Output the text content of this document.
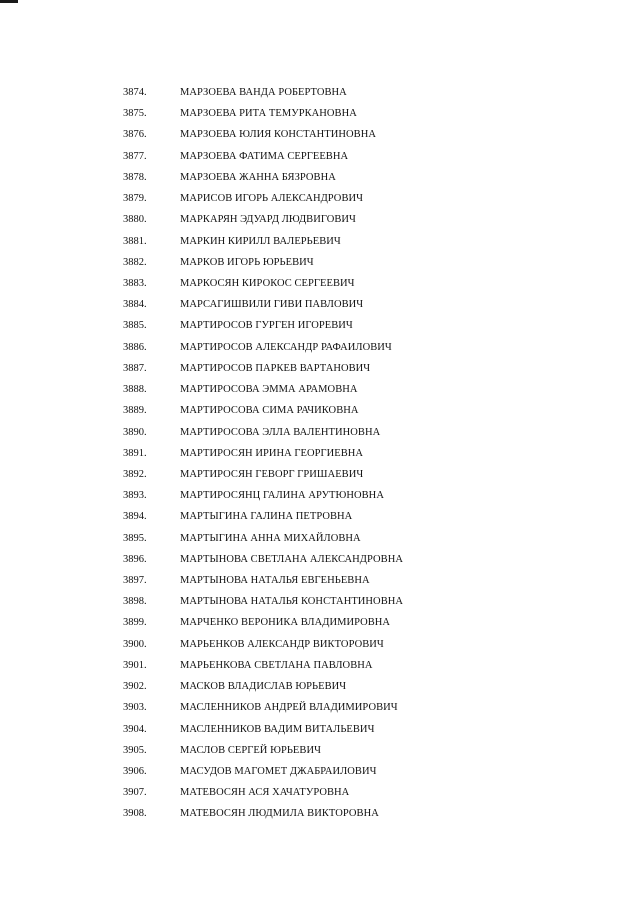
3874.	МАРЗОЕВА ВАНДА РОБЕРТОВНА
3875.	МАРЗОЕВА РИТА ТЕМУРКАНОВНА
3876.	МАРЗОЕВА ЮЛИЯ КОНСТАНТИНОВНА
3877.	МАРЗОЕВА ФАТИМА СЕРГЕЕВНА
3878.	МАРЗОЕВА ЖАННА БЯЗРОВНА
3879.	МАРИСОВ ИГОРЬ АЛЕКСАНДРОВИЧ
3880.	МАРКАРЯН ЭДУАРД ЛЮДВИГОВИЧ
3881.	МАРКИН КИРИЛЛ ВАЛЕРЬЕВИЧ
3882.	МАРКОВ ИГОРЬ ЮРЬЕВИЧ
3883.	МАРКОСЯН КИРОКОС СЕРГЕЕВИЧ
3884.	МАРСАГИШВИЛИ ГИВИ ПАВЛОВИЧ
3885.	МАРТИРОСОВ ГУРГЕН ИГОРЕВИЧ
3886.	МАРТИРОСОВ АЛЕКСАНДР РАФАИЛОВИЧ
3887.	МАРТИРОСОВ ПАРКЕВ ВАРТАНОВИЧ
3888.	МАРТИРОСОВА ЭММА АРАМОВНА
3889.	МАРТИРОСОВА СИМА РАЧИКОВНА
3890.	МАРТИРОСОВА ЭЛЛА ВАЛЕНТИНОВНА
3891.	МАРТИРОСЯН ИРИНА ГЕОРГИЕВНА
3892.	МАРТИРОСЯН ГЕВОРГ ГРИШАЕВИЧ
3893.	МАРТИРОСЯНЦ ГАЛИНА АРУТЮНОВНА
3894.	МАРТЫГИНА ГАЛИНА ПЕТРОВНА
3895.	МАРТЫГИНА АННА МИХАЙЛОВНА
3896.	МАРТЫНОВА СВЕТЛАНА АЛЕКСАНДРОВНА
3897.	МАРТЫНОВА НАТАЛЬЯ ЕВГЕНЬЕВНА
3898.	МАРТЫНОВА НАТАЛЬЯ КОНСТАНТИНОВНА
3899.	МАРЧЕНКО ВЕРОНИКА ВЛАДИМИРОВНА
3900.	МАРЬЕНКОВ АЛЕКСАНДР ВИКТОРОВИЧ
3901.	МАРЬЕНКОВА СВЕТЛАНА ПАВЛОВНА
3902.	МАСКОВ ВЛАДИСЛАВ ЮРЬЕВИЧ
3903.	МАСЛЕННИКОВ АНДРЕЙ ВЛАДИМИРОВИЧ
3904.	МАСЛЕННИКОВ ВАДИМ ВИТАЛЬЕВИЧ
3905.	МАСЛОВ СЕРГЕЙ ЮРЬЕВИЧ
3906.	МАСУДОВ МАГОМЕТ ДЖАБРАИЛОВИЧ
3907.	МАТЕВОСЯН АСЯ ХАЧАТУРОВНА
3908.	МАТЕВОСЯН ЛЮДМИЛА ВИКТОРОВНА
